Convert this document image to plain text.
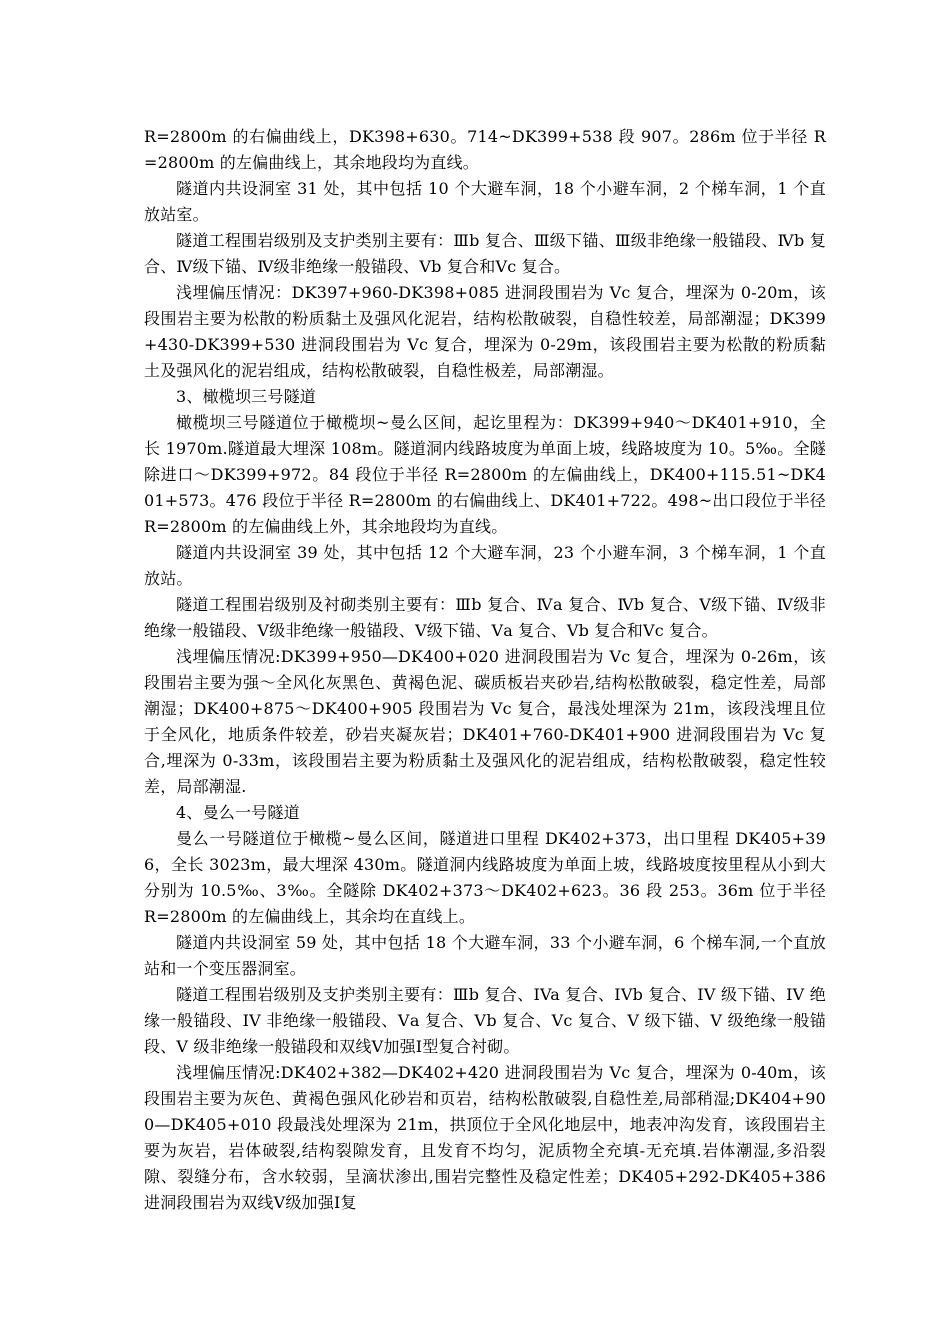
R=2800m 的右偏曲线上，DK398+630。714~DK399+538 段 907。286m 位于半径 R=2800m 的左偏曲线上，其余地段均为直线。

隧道内共设洞室 31 处，其中包括 10 个大避车洞，18 个小避车洞，2 个梯车洞，1 个直放站室。

隧道工程围岩级别及支护类别主要有：Ⅲb 复合、Ⅲ级下锚、Ⅲ级非绝缘一般锚段、Ⅳb 复合、Ⅳ级下锚、Ⅳ级非绝缘一般锚段、Ⅴb 复合和Ⅴc 复合。

浅埋偏压情况：DK397+960-DK398+085 进洞段围岩为 Vc 复合，埋深为 0-20m，该段围岩主要为松散的粉质黏土及强风化泥岩，结构松散破裂，自稳性较差，局部潮湿；DK399+430-DK399+530 进洞段围岩为 Vc 复合，埋深为 0-29m，该段围岩主要为松散的粉质黏土及强风化的泥岩组成，结构松散破裂，自稳性极差，局部潮湿。

3、橄榄坝三号隧道

橄榄坝三号隧道位于橄榄坝~曼么区间，起讫里程为：DK399+940～DK401+910，全长 1970m.隧道最大埋深 108m。隧道洞内线路坡度为单面上坡，线路坡度为 10。5‰。全隧除进口～DK399+972。84 段位于半径 R=2800m 的左偏曲线上，DK400+115.51~DK401+573。476 段位于半径 R=2800m 的右偏曲线上、DK401+722。498~出口段位于半径 R=2800m 的左偏曲线上外，其余地段均为直线。

隧道内共设洞室 39 处，其中包括 12 个大避车洞，23 个小避车洞，3 个梯车洞，1 个直放站。

隧道工程围岩级别及衬砌类别主要有：Ⅲb 复合、Ⅳa 复合、Ⅳb 复合、Ⅴ级下锚、Ⅳ级非绝缘一般锚段、Ⅴ级非绝缘一般锚段、Ⅴ级下锚、Ⅴa 复合、Ⅴb 复合和Ⅴc 复合。

浅埋偏压情况:DK399+950—DK400+020 进洞段围岩为 Vc 复合，埋深为 0-26m，该段围岩主要为强～全风化灰黑色、黄褐色泥、碳质板岩夹砂岩,结构松散破裂，稳定性差，局部潮湿；DK400+875～DK400+905 段围岩为 Vc 复合，最浅处埋深为 21m，该段浅埋且位于全风化，地质条件较差，砂岩夹凝灰岩；DK401+760-DK401+900 进洞段围岩为 Vc 复合,埋深为 0-33m，该段围岩主要为粉质黏土及强风化的泥岩组成，结构松散破裂，稳定性较差，局部潮湿.

4、曼么一号隧道

曼么一号隧道位于橄榄~曼么区间，隧道进口里程 DK402+373，出口里程 DK405+396，全长 3023m，最大埋深 430m。隧道洞内线路坡度为单面上坡，线路坡度按里程从小到大分别为 10.5‰、3‰。全隧除 DK402+373～DK402+623。36 段 253。36m 位于半径 R=2800m 的左偏曲线上，其余均在直线上。

隧道内共设洞室 59 处，其中包括 18 个大避车洞，33 个小避车洞，6 个梯车洞,一个直放站和一个变压器洞室。

隧道工程围岩级别及支护类别主要有：Ⅲb 复合、IVa 复合、IVb 复合、IV 级下锚、IV 绝缘一般锚段、IV 非绝缘一般锚段、Ⅴa 复合、Ⅴb 复合、Vc 复合、V 级下锚、V 级绝缘一般锚段、V 级非绝缘一般锚段和双线Ⅴ加强Ⅰ型复合衬砌。

浅埋偏压情况:DK402+382—DK402+420 进洞段围岩为 Vc 复合，埋深为 0-40m，该段围岩主要为灰色、黄褐色强风化砂岩和页岩，结构松散破裂,自稳性差,局部稍湿;DK404+900—DK405+010 段最浅处埋深为 21m，拱顶位于全风化地层中，地表冲沟发育，该段围岩主要为灰岩，岩体破裂,结构裂隙发育，且发育不均匀，泥质物全充填-无充填.岩体潮湿,多沿裂隙、裂缝分布，含水较弱，呈滴状渗出,围岩完整性及稳定性差；DK405+292-DK405+386 进洞段围岩为双线Ⅴ级加强Ⅰ复
